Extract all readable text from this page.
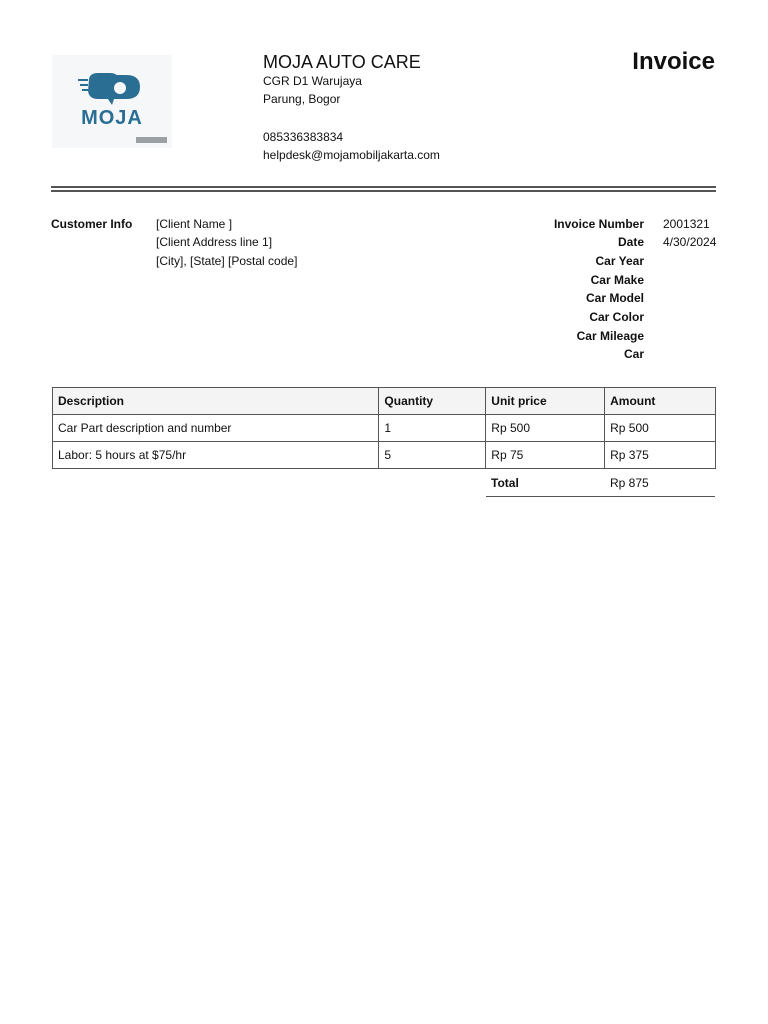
MOJA
MOJA AUTO CARE
CGR D1 Warujaya
Parung, Bogor
085336383834
helpdesk@mojamobiljakarta.com
Invoice
Customer Info [Client Name ]
[Client Address line 1]
[City], [State] [Postal code]
Invoice Number 2001321
Date 4/30/2024
Car Year
Car Make
Car Model
Car Color
Car Mileage
Car
Description	Quantity	Unit price	Amount
Car Part description and number	1	Rp 500	Rp 500
Labor: 5 hours at $75/hr	5	Rp 75	Rp 375
Total	Rp 875
